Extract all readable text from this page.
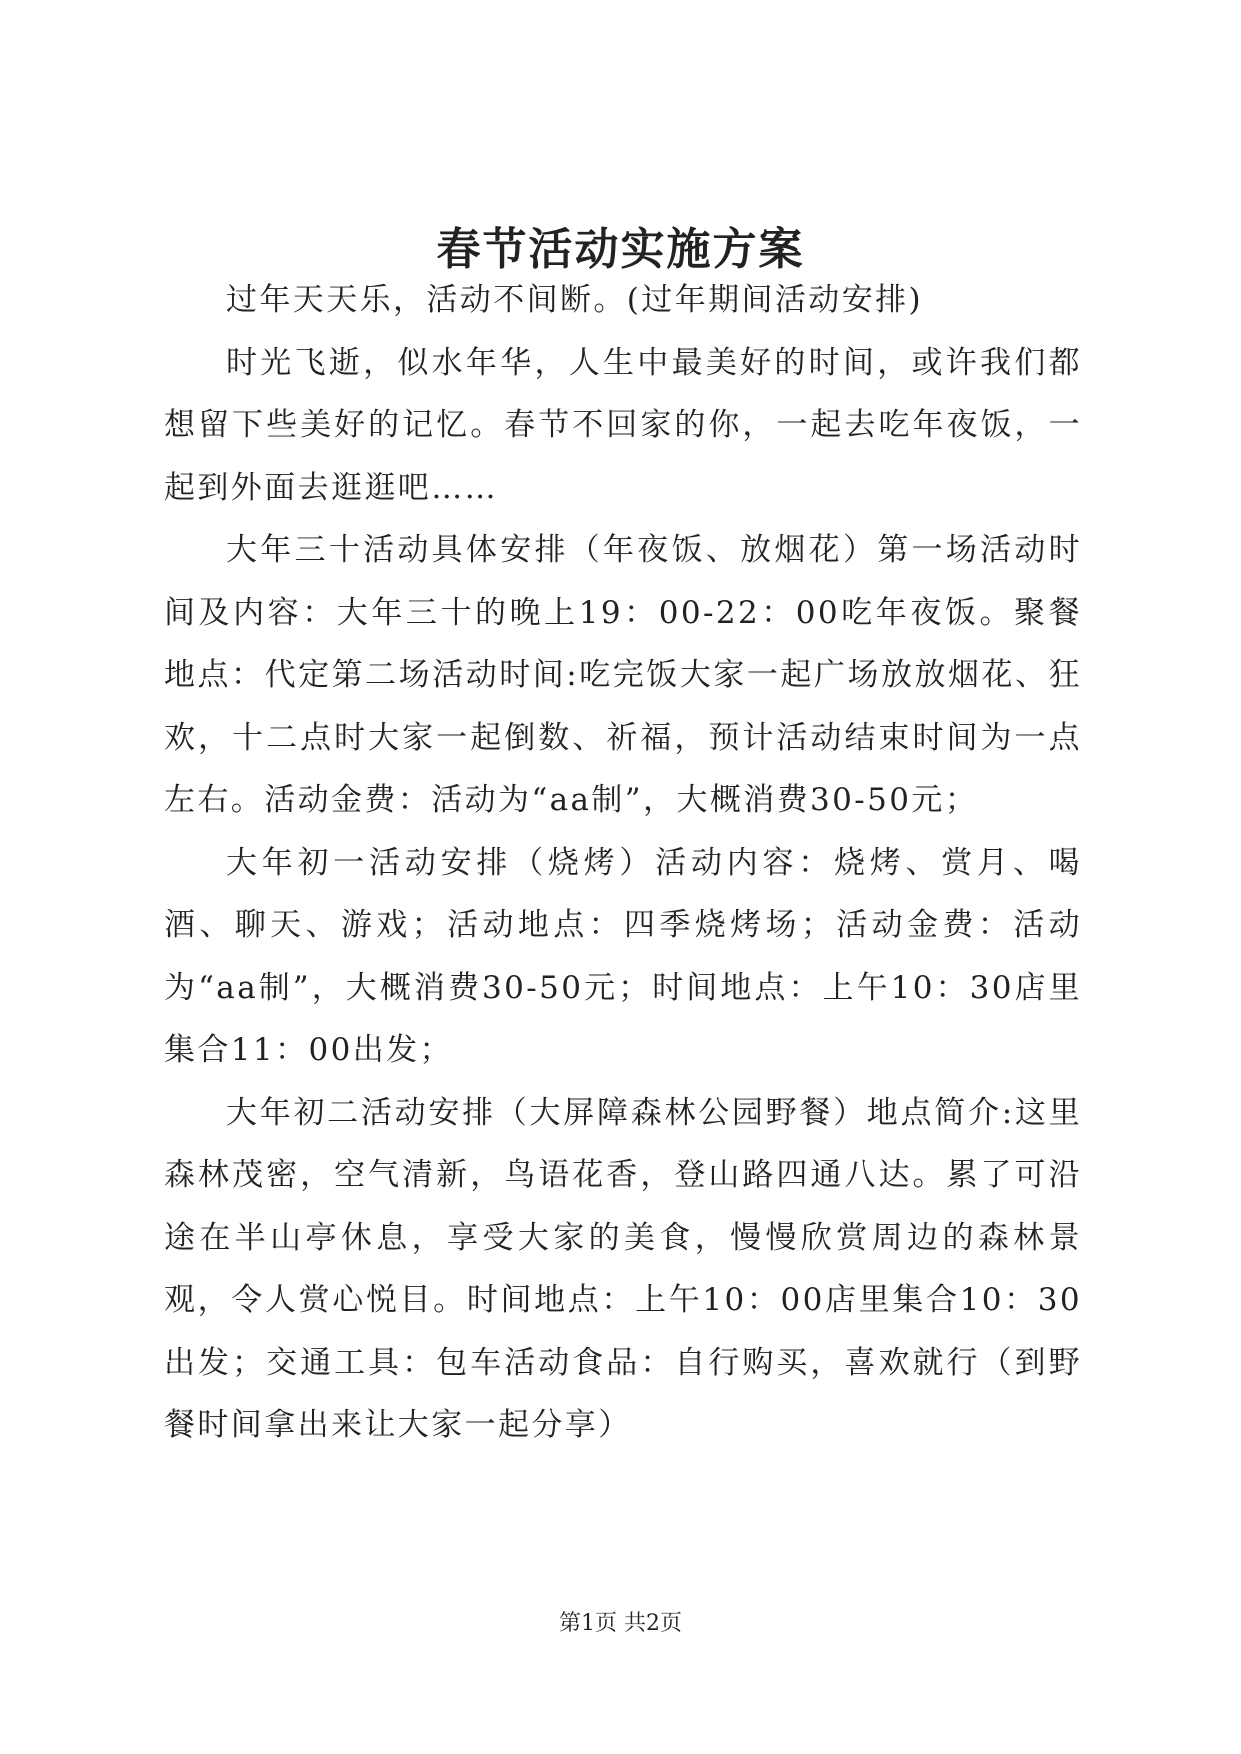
春节活动实施方案

过年天天乐，活动不间断。(过年期间活动安排)

时光飞逝，似水年华，人生中最美好的时间，或许我们都想留下些美好的记忆。春节不回家的你，一起去吃年夜饭，一起到外面去逛逛吧……

大年三十活动具体安排（年夜饭、放烟花）第一场活动时间及内容：大年三十的晚上19：00-22：00吃年夜饭。聚餐地点：代定第二场活动时间:吃完饭大家一起广场放放烟花、狂欢，十二点时大家一起倒数、祈福，预计活动结束时间为一点左右。活动金费：活动为“aa制”，大概消费30-50元；

大年初一活动安排（烧烤）活动内容：烧烤、赏月、喝酒、聊天、游戏；活动地点：四季烧烤场；活动金费：活动为“aa制”，大概消费30-50元；时间地点：上午10：30店里集合11：00出发；

大年初二活动安排（大屏障森林公园野餐）地点简介:这里森林茂密，空气清新，鸟语花香，登山路四通八达。累了可沿途在半山亭休息，享受大家的美食，慢慢欣赏周边的森林景观，令人赏心悦目。时间地点：上午10：00店里集合10：30出发；交通工具：包车活动食品：自行购买，喜欢就行（到野餐时间拿出来让大家一起分享）

第1页 共2页
